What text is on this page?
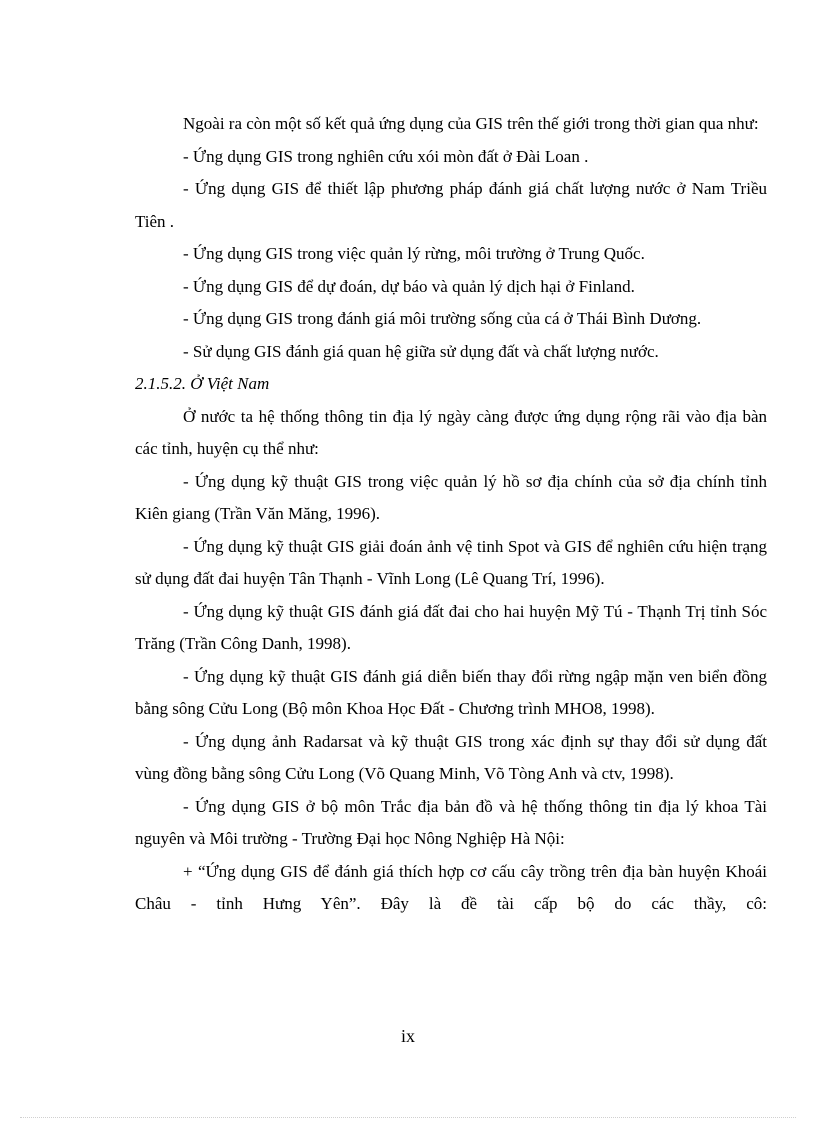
Ngoài ra còn một số kết quả ứng dụng của GIS trên thế giới trong thời gian qua như:

- Ứng dụng GIS trong nghiên cứu xói mòn đất ở Đài Loan .

- Ứng dụng GIS để thiết lập phương pháp đánh giá chất lượng nước ở Nam Triều Tiên .

- Ứng dụng GIS trong việc quản lý rừng, môi trường ở Trung Quốc.

- Ứng dụng GIS để dự đoán, dự báo và quản lý dịch hại ở Finland.

- Ứng dụng GIS trong đánh giá môi trường sống của cá ở Thái Bình Dương.

- Sử dụng GIS đánh giá quan hệ giữa sử dụng đất và chất lượng nước.

2.1.5.2. Ở Việt Nam

Ở nước ta hệ thống thông tin địa lý ngày càng được ứng dụng rộng rãi vào địa bàn các tỉnh, huyện cụ thể như:

- Ứng dụng kỹ thuật GIS trong việc quản lý hồ sơ địa chính của sở địa chính tỉnh Kiên giang (Trần Văn Măng, 1996).

- Ứng dụng kỹ thuật GIS giải đoán ảnh vệ tinh Spot và GIS để nghiên cứu hiện trạng sử dụng đất đai huyện Tân Thạnh - Vĩnh Long (Lê Quang Trí, 1996).

- Ứng dụng kỹ thuật GIS đánh giá đất đai cho hai huyện Mỹ Tú - Thạnh Trị tỉnh Sóc Trăng (Trần Công Danh, 1998).

- Ứng dụng kỹ thuật GIS đánh giá diễn biến thay đổi rừng ngập mặn ven biển đồng bằng sông Cửu Long (Bộ môn Khoa Học Đất - Chương trình MHO8, 1998).

- Ứng dụng ảnh Radarsat và kỹ thuật GIS trong xác định sự thay đổi sử dụng đất vùng đồng bằng sông Cửu Long (Võ Quang Minh, Võ Tòng Anh và ctv, 1998).

- Ứng dụng GIS ở bộ môn Trắc địa bản đồ và hệ thống thông tin địa lý khoa Tài nguyên và Môi trường - Trường Đại học Nông Nghiệp Hà Nội:

+ “Ứng dụng GIS để đánh giá thích hợp cơ cấu cây trồng trên địa bàn huyện Khoái Châu - tỉnh Hưng Yên”. Đây là đề tài cấp bộ do các thầy, cô:

ix
